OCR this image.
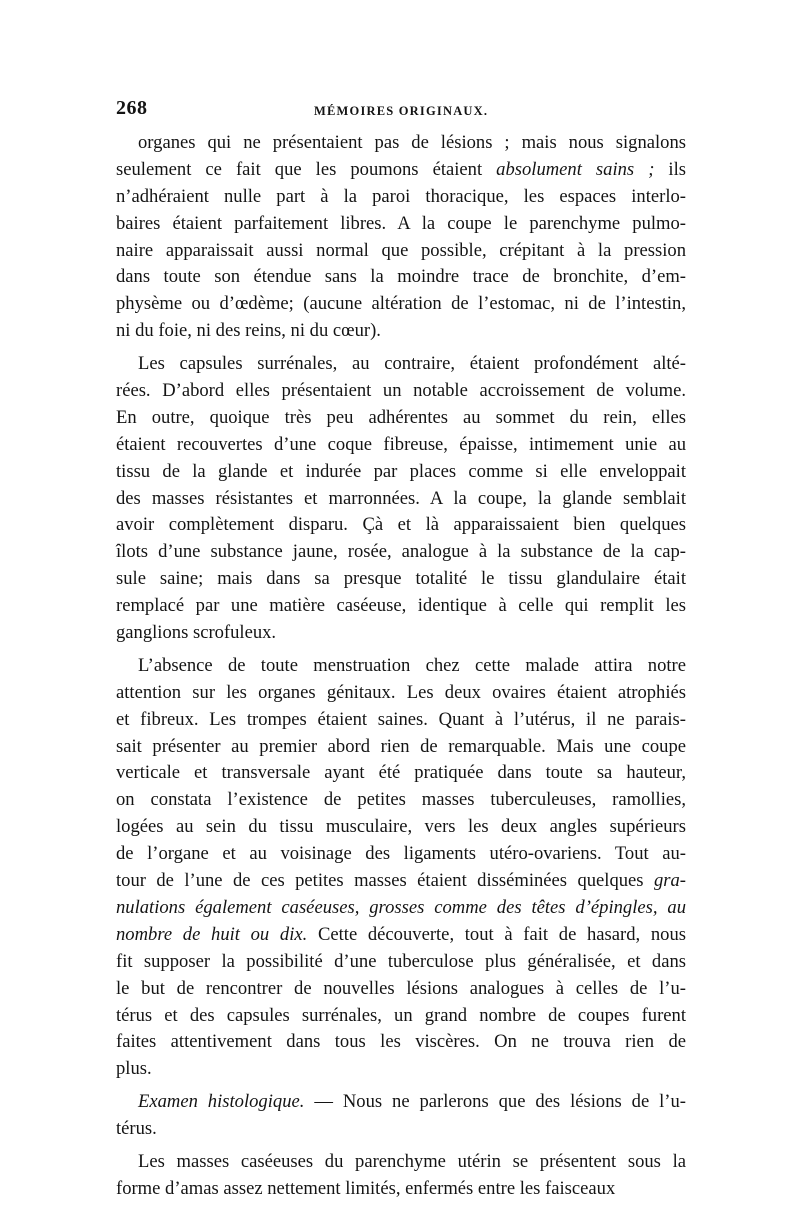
268	MÉMOIRES ORIGINAUX.

organes qui ne présentaient pas de lésions ; mais nous signalons
seulement ce fait que les poumons étaient absolument sains ; ils
n’adhéraient nulle part à la paroi thoracique, les espaces interlo-
baires étaient parfaitement libres. A la coupe le parenchyme pulmo-
naire apparaissait aussi normal que possible, crépitant à la pression
dans toute son étendue sans la moindre trace de bronchite, d’em-
physème ou d’œdème; (aucune altération de l’estomac, ni de l’intestin,
ni du foie, ni des reins, ni du cœur).

Les capsules surrénales, au contraire, étaient profondément alté-
rées. D’abord elles présentaient un notable accroissement de volume.
En outre, quoique très peu adhérentes au sommet du rein, elles
étaient recouvertes d’une coque fibreuse, épaisse, intimement unie au
tissu de la glande et indurée par places comme si elle enveloppait
des masses résistantes et marronnées. A la coupe, la glande semblait
avoir complètement disparu. Çà et là apparaissaient bien quelques
îlots d’une substance jaune, rosée, analogue à la substance de la cap-
sule saine; mais dans sa presque totalité le tissu glandulaire était
remplacé par une matière caséeuse, identique à celle qui remplit les
ganglions scrofuleux.

L’absence de toute menstruation chez cette malade attira notre
attention sur les organes génitaux. Les deux ovaires étaient atrophiés
et fibreux. Les trompes étaient saines. Quant à l’utérus, il ne parais-
sait présenter au premier abord rien de remarquable. Mais une coupe
verticale et transversale ayant été pratiquée dans toute sa hauteur,
on constata l’existence de petites masses tuberculeuses, ramollies,
logées au sein du tissu musculaire, vers les deux angles supérieurs
de l’organe et au voisinage des ligaments utéro-ovariens. Tout au-
tour de l’une de ces petites masses étaient disséminées quelques gra-
nulations également caséeuses, grosses comme des têtes d’épingles, au
nombre de huit ou dix. Cette découverte, tout à fait de hasard, nous
fit supposer la possibilité d’une tuberculose plus généralisée, et dans
le but de rencontrer de nouvelles lésions analogues à celles de l’u-
térus et des capsules surrénales, un grand nombre de coupes furent
faites attentivement dans tous les viscères. On ne trouva rien de
plus.

Examen histologique. — Nous ne parlerons que des lésions de l’u-
térus.

Les masses caséeuses du parenchyme utérin se présentent sous la
forme d’amas assez nettement limités, enfermés entre les faisceaux
